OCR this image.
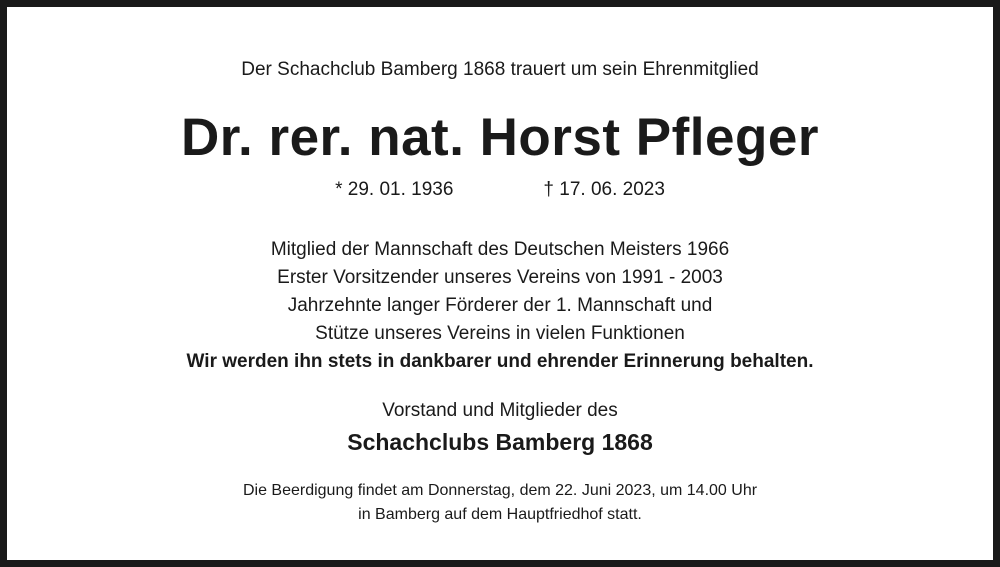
Der Schachclub Bamberg 1868 trauert um sein Ehrenmitglied
Dr. rer. nat. Horst Pfleger
* 29. 01. 1936	† 17. 06. 2023
Mitglied der Mannschaft des Deutschen Meisters 1966
Erster Vorsitzender unseres Vereins von 1991 - 2003
Jahrzehnte langer Förderer der 1. Mannschaft und
Stütze unseres Vereins in vielen Funktionen
Wir werden ihn stets in dankbarer und ehrender Erinnerung behalten.
Vorstand und Mitglieder des
Schachclubs Bamberg 1868
Die Beerdigung findet am Donnerstag, dem 22. Juni 2023, um 14.00 Uhr
in Bamberg auf dem Hauptfriedhof statt.
